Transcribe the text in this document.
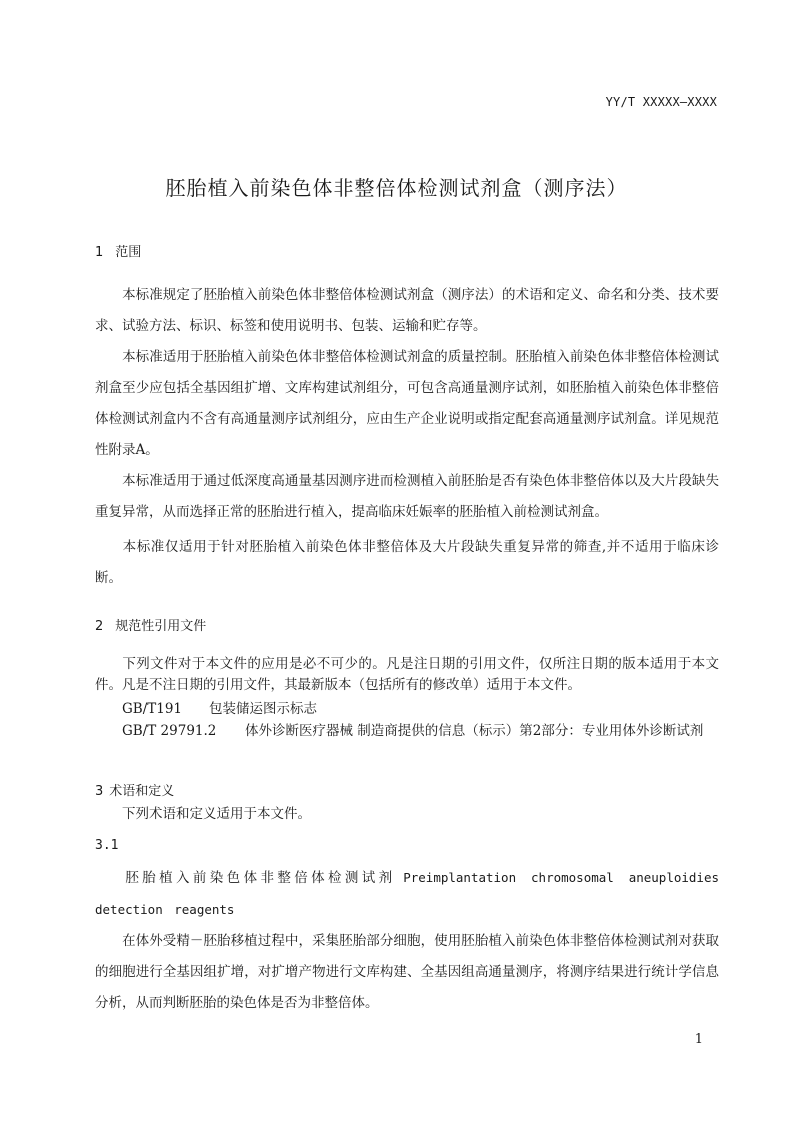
YY/T XXXXX—XXXX
胚胎植入前染色体非整倍体检测试剂盒（测序法）
1 范围
本标准规定了胚胎植入前染色体非整倍体检测试剂盒（测序法）的术语和定义、命名和分类、技术要求、试验方法、标识、标签和使用说明书、包装、运输和贮存等。
本标准适用于胚胎植入前染色体非整倍体检测试剂盒的质量控制。胚胎植入前染色体非整倍体检测试剂盒至少应包括全基因组扩增、文库构建试剂组分，可包含高通量测序试剂，如胚胎植入前染色体非整倍体检测试剂盒内不含有高通量测序试剂组分，应由生产企业说明或指定配套高通量测序试剂盒。详见规范性附录A。
本标准适用于通过低深度高通量基因测序进而检测植入前胚胎是否有染色体非整倍体以及大片段缺失重复异常，从而选择正常的胚胎进行植入，提高临床妊娠率的胚胎植入前检测试剂盒。
本标准仅适用于针对胚胎植入前染色体非整倍体及大片段缺失重复异常的筛查,并不适用于临床诊断。
2 规范性引用文件
下列文件对于本文件的应用是必不可少的。凡是注日期的引用文件，仅所注日期的版本适用于本文件。凡是不注日期的引用文件，其最新版本（包括所有的修改单）适用于本文件。
GB/T191 包装储运图示标志
GB/T 29791.2 体外诊断医疗器械 制造商提供的信息（标示）第2部分：专业用体外诊断试剂
3 术语和定义
下列术语和定义适用于本文件。
3.1
胚胎植入前染色体非整倍体检测试剂 Preimplantation chromosomal aneuploidies detection reagents
在体外受精－胚胎移植过程中，采集胚胎部分细胞，使用胚胎植入前染色体非整倍体检测试剂对获取的细胞进行全基因组扩增，对扩增产物进行文库构建、全基因组高通量测序，将测序结果进行统计学信息分析，从而判断胚胎的染色体是否为非整倍体。
1
